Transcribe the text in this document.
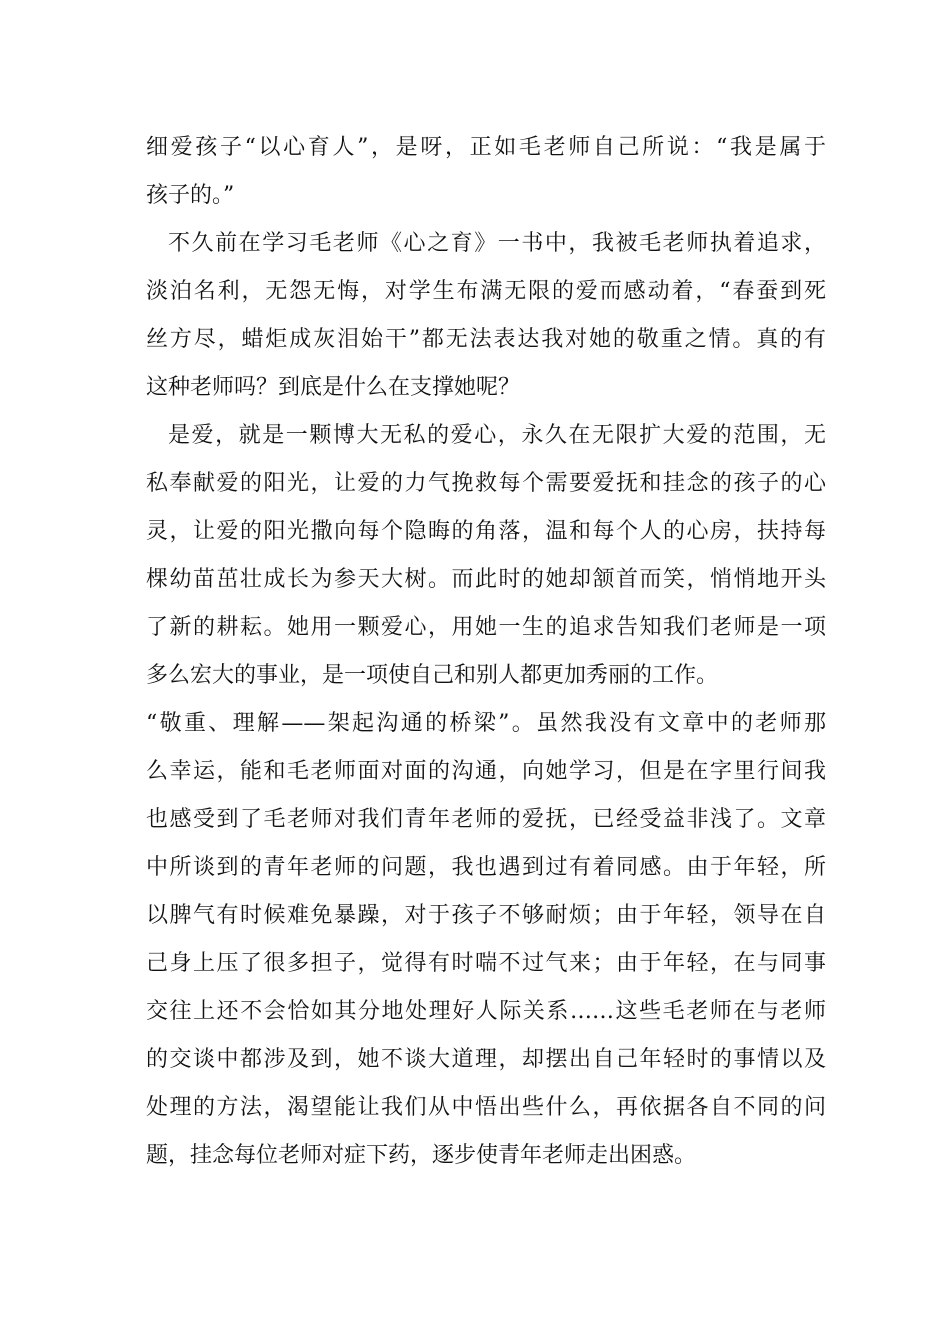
细爱孩子“以心育人”，是呀，正如毛老师自己所说：“我是属于
孩子的。”
不久前在学习毛老师《心之育》一书中，我被毛老师执着追求，
淡泊名利，无怨无悔，对学生布满无限的爱而感动着，“春蚕到死
丝方尽，蜡炬成灰泪始干”都无法表达我对她的敬重之情。真的有
这种老师吗？到底是什么在支撑她呢？
是爱，就是一颗博大无私的爱心，永久在无限扩大爱的范围，无
私奉献爱的阳光，让爱的力气挽救每个需要爱抚和挂念的孩子的心
灵，让爱的阳光撒向每个隐晦的角落，温和每个人的心房，扶持每
棵幼苗茁壮成长为参天大树。而此时的她却颔首而笑，悄悄地开头
了新的耕耘。她用一颗爱心，用她一生的追求告知我们老师是一项
多么宏大的事业，是一项使自己和别人都更加秀丽的工作。
“敬重、理解——架起沟通的桥梁”。虽然我没有文章中的老师那
么幸运，能和毛老师面对面的沟通，向她学习，但是在字里行间我
也感受到了毛老师对我们青年老师的爱抚，已经受益非浅了。文章
中所谈到的青年老师的问题，我也遇到过有着同感。由于年轻，所
以脾气有时候难免暴躁，对于孩子不够耐烦；由于年轻，领导在自
己身上压了很多担子，觉得有时喘不过气来；由于年轻，在与同事
交往上还不会恰如其分地处理好人际关系……这些毛老师在与老师
的交谈中都涉及到，她不谈大道理，却摆出自己年轻时的事情以及
处理的方法，渴望能让我们从中悟出些什么，再依据各自不同的问
题，挂念每位老师对症下药，逐步使青年老师走出困惑。
